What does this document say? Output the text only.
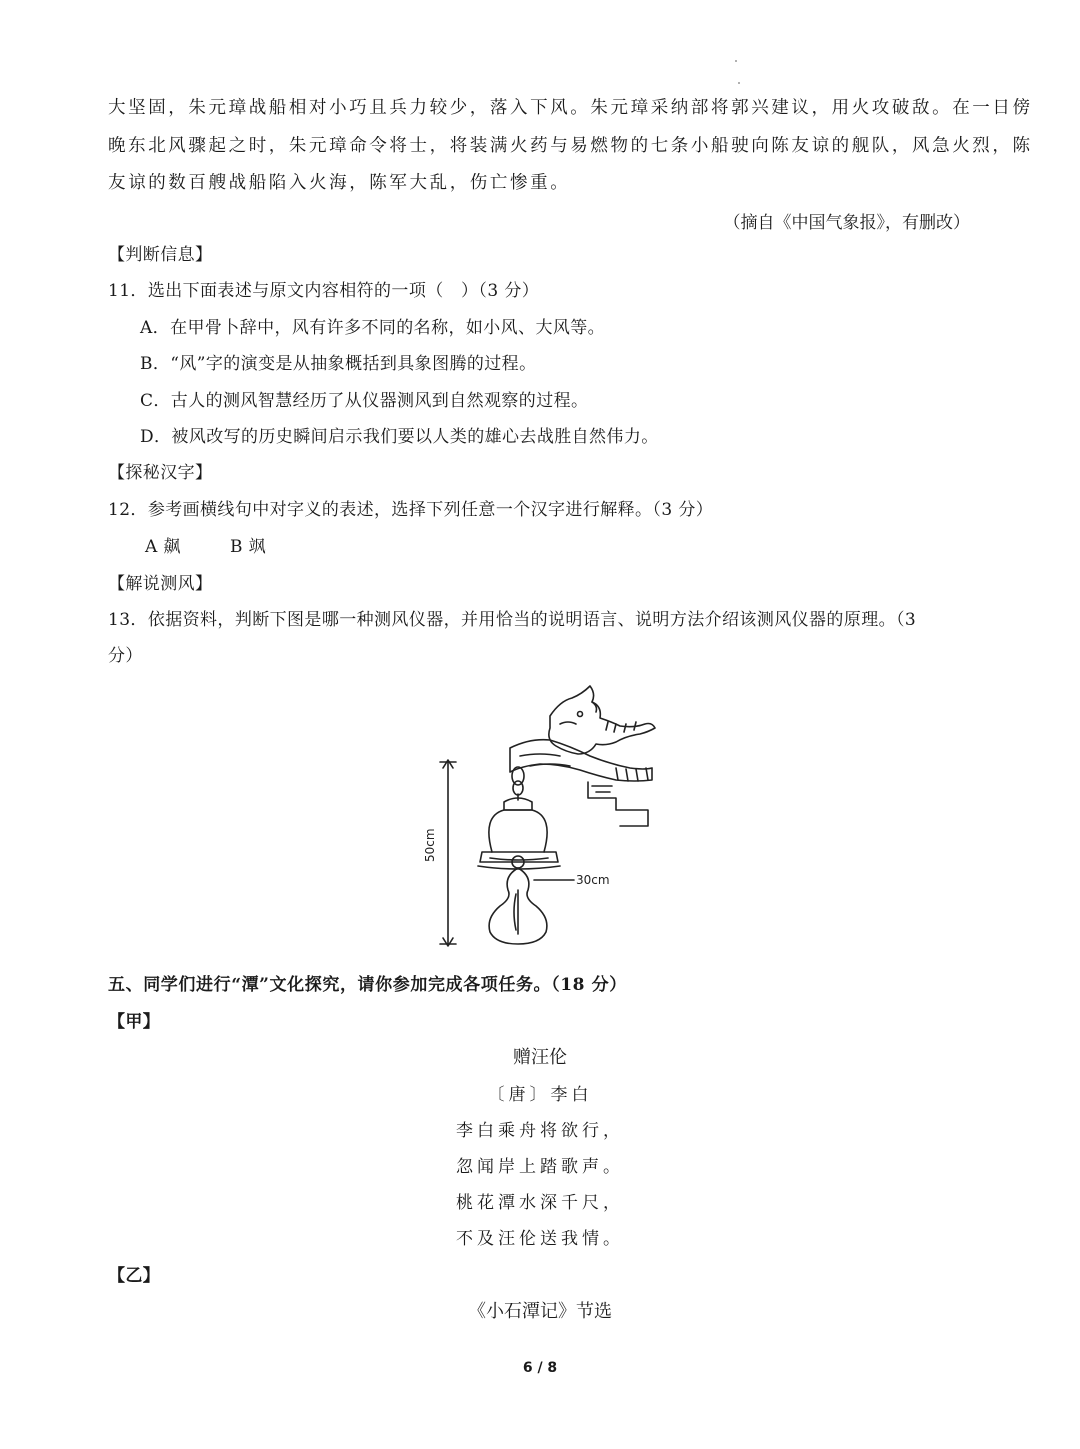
大坚固，朱元璋战船相对小巧且兵力较少，落入下风。朱元璋采纳部将郭兴建议，用火攻破敌。在一日傍
晚东北风骤起之时，朱元璋命令将士，将装满火药与易燃物的七条小船驶向陈友谅的舰队，风急火烈，陈
友谅的数百艘战船陷入火海，陈军大乱，伤亡惨重。
（摘自《中国气象报》，有删改）
【判断信息】
11．选出下面表述与原文内容相符的一项（　）（3 分）
A．在甲骨卜辞中，风有许多不同的名称，如小风、大风等。
B．“风”字的演变是从抽象概括到具象图腾的过程。
C．古人的测风智慧经历了从仪器测风到自然观察的过程。
D．被风改写的历史瞬间启示我们要以人类的雄心去战胜自然伟力。
【探秘汉字】
12．参考画横线句中对字义的表述，选择下列任意一个汉字进行解释。（3 分）
A 飙	B 飒
【解说测风】
13．依据资料，判断下图是哪一种测风仪器，并用恰当的说明语言、说明方法介绍该测风仪器的原理。（3
分）
50cm
30cm
五、同学们进行“潭”文化探究，请你参加完成各项任务。（18 分）
【甲】
赠汪伦
〔唐〕李白
李白乘舟将欲行，
忽闻岸上踏歌声。
桃花潭水深千尺，
不及汪伦送我情。
【乙】
《小石潭记》节选
6 / 8
